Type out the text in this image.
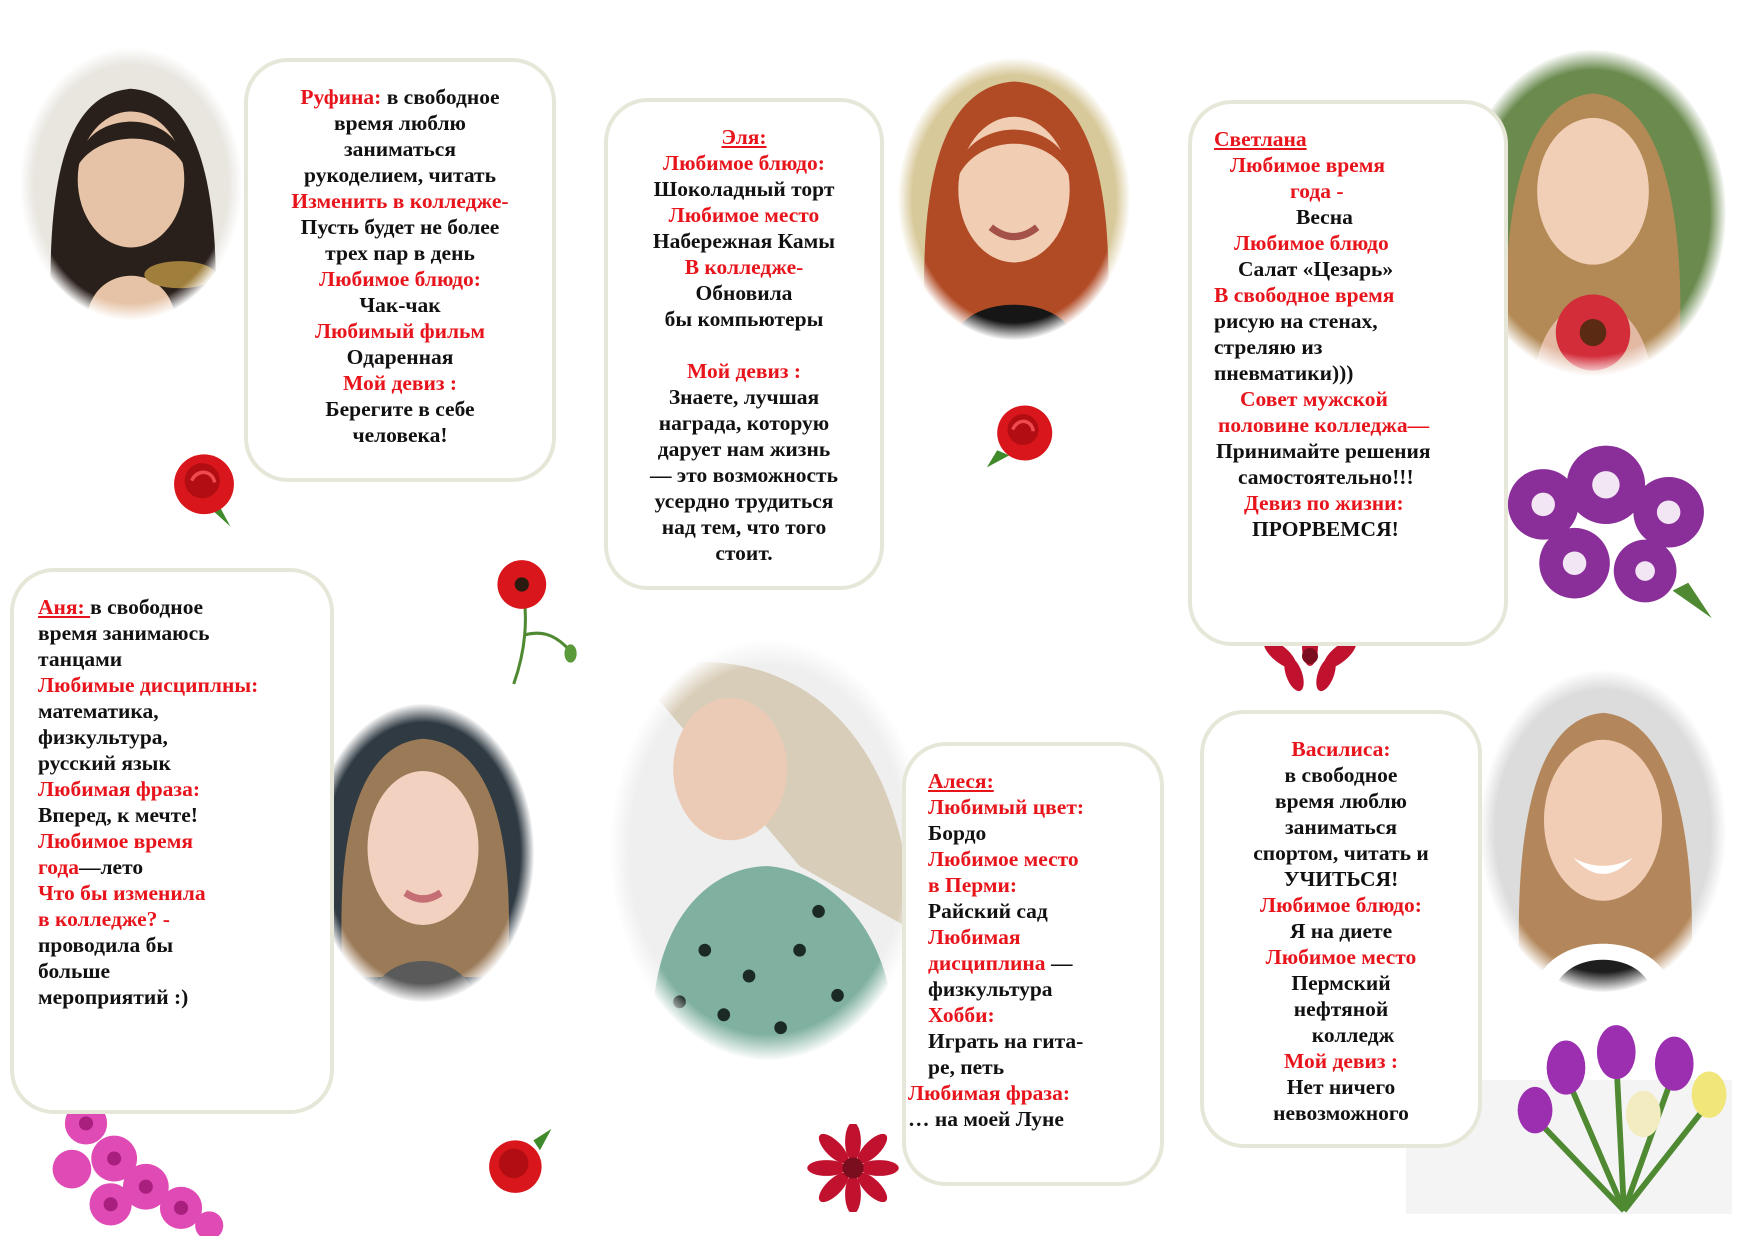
Руфина: в свободное
время люблю
заниматься
рукоделием, читать
Изменить в колледже-
Пусть будет не более
трех пар в день
Любимое блюдо:
Чак-чак
Любимый фильм
Одаренная
Мой девиз :
Берегите в себе
человека!
Эля:
Любимое блюдо:
Шоколадный торт
Любимое место
Набережная Камы
В колледже-
Обновила
бы компьютеры
Мой девиз :
Знаете, лучшая
награда, которую
дарует нам жизнь
— это возможность
усердно трудиться
над тем, что того
стоит.
Светлана
Любимое время
года -
Весна
Любимое блюдо
Салат «Цезарь»
В свободное время
рисую на стенах,
стреляю из
пневматики)))
Совет мужской
половине колледжа—
Принимайте решения
самостоятельно!!!
Девиз по жизни:
ПРОРВЕМСЯ!
Аня: в свободное
время занимаюсь
танцами
Любимые дисциплны:
математика,
физкультура,
русский язык
Любимая фраза:
Вперед, к мечте!
Любимое время
года—лето
Что бы изменила
в колледже? -
проводила бы
больше
мероприятий :)
Алеся:
Любимый цвет:
Бордо
Любимое место
в Перми:
Райский сад
Любимая
дисциплина —
физкультура
Хобби:
Играть на гита-
ре, петь
Любимая фраза:
… на моей Луне
Василиса:
в свободное
время люблю
заниматься
спортом, читать и
УЧИТЬСЯ!
Любимое блюдо:
Я на диете
Любимое место
Пермский
нефтяной
колледж
Мой девиз :
Нет ничего
невозможного
